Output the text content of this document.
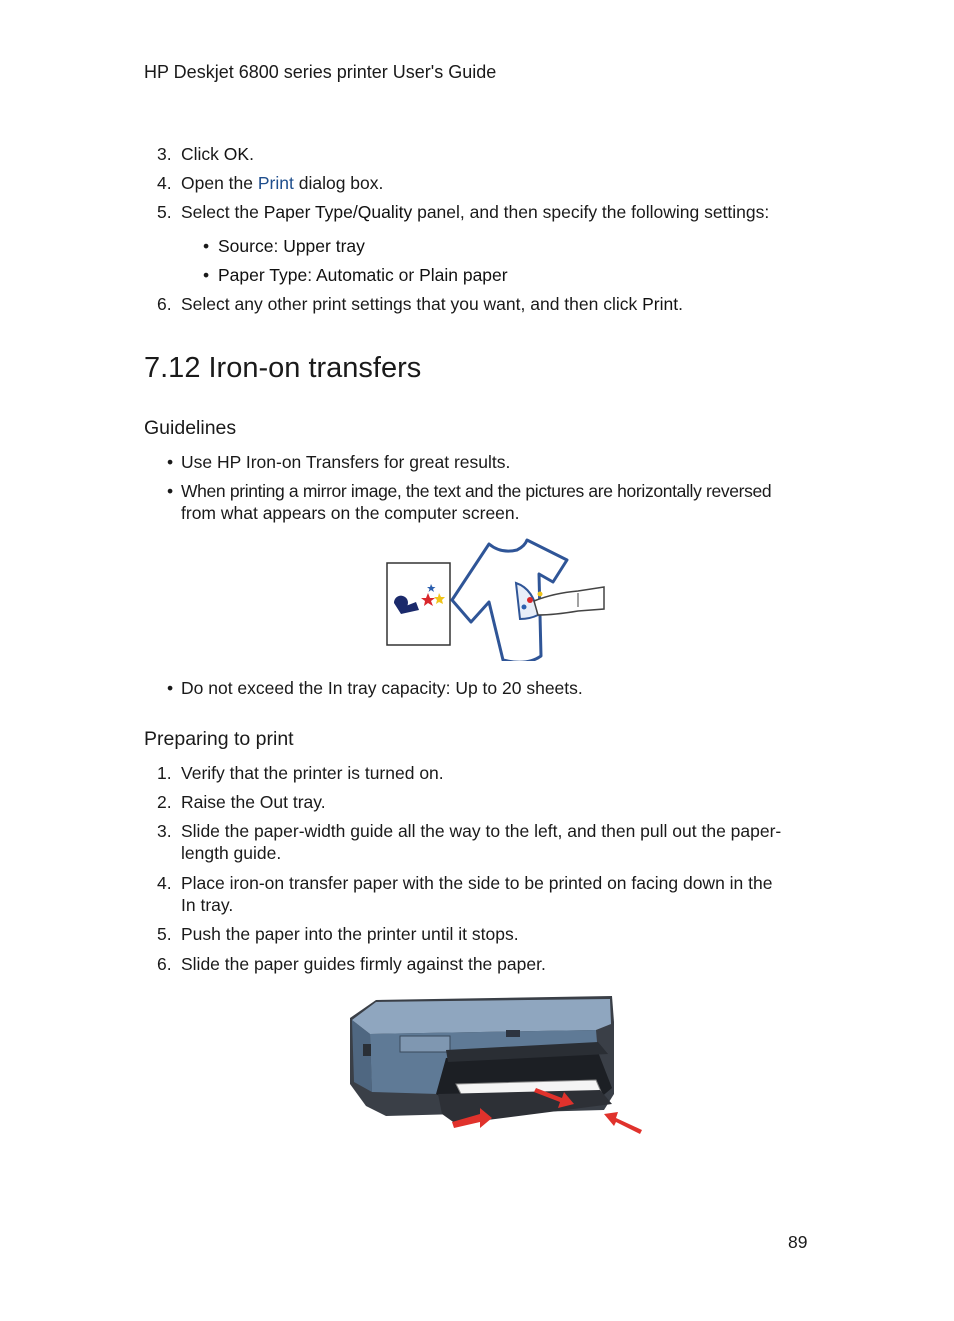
HP Deskjet 6800 series printer User's Guide
3. Click OK.
4. Open the Print dialog box.
5. Select the Paper Type/Quality panel, and then specify the following settings:
• Source: Upper tray
• Paper Type: Automatic or Plain paper
6. Select any other print settings that you want, and then click Print.
7.12 Iron-on transfers
Guidelines
• Use HP Iron-on Transfers for great results.
• When printing a mirror image, the text and the pictures are horizontally reversed
from what appears on the computer screen.
• Do not exceed the In tray capacity: Up to 20 sheets.
Preparing to print
1. Verify that the printer is turned on.
2. Raise the Out tray.
3. Slide the paper-width guide all the way to the left, and then pull out the paper-
length guide.
4. Place iron-on transfer paper with the side to be printed on facing down in the
In tray.
5. Push the paper into the printer until it stops.
6. Slide the paper guides firmly against the paper.
89
